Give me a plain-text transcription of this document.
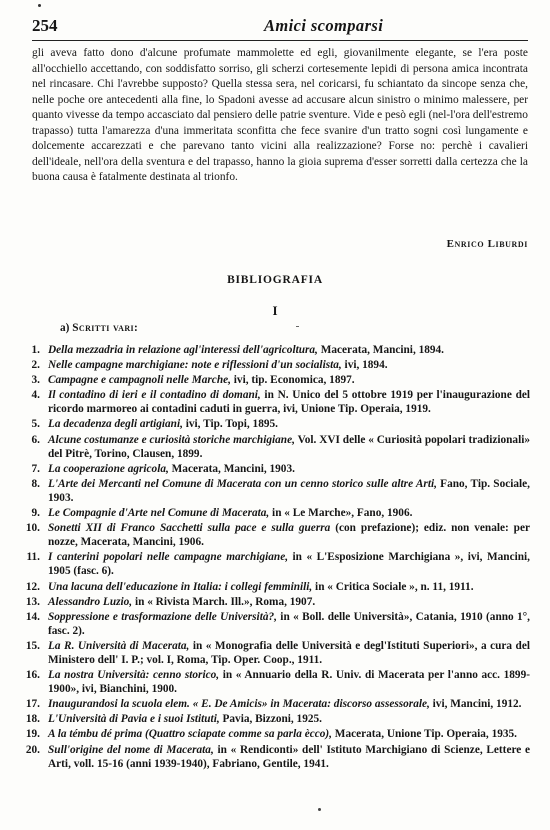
254	Amici scomparsi

gli aveva fatto dono d'alcune profumate mammolette ed egli, giovanilmente elegante, se l'era poste all'occhiello accettando, con soddisfatto sorriso, gli scherzi cortesemente lepidi di persona amica incontrata nel rincasare. Chi l'avrebbe supposto? Quella stessa sera, nel coricarsi, fu schiantato da sincope senza che, nelle poche ore antecedenti alla fine, lo Spadoni avesse ad accusare alcun sinistro o minimo malessere, per quanto vivesse da tempo accasciato dal pensiero delle patrie sventure. Vide e pesò egli (nel-l'ora dell'estremo trapasso) tutta l'amarezza d'una immeritata sconfitta che fece svanire d'un tratto sogni così lungamente e dolcemente accarezzati e che parevano tanto vicini alla realizzazione? Forse no: perchè i cavalieri dell'ideale, nell'ora della sventura e del trapasso, hanno la gioia suprema d'esser sorretti dalla certezza che la buona causa è fatalmente destinata al trionfo.

Enrico Liburdi
BIBLIOGRAFIA
I
a) Scritti vari:
1. Della mezzadria in relazione agl'interessi dell'agricoltura, Macerata, Mancini, 1894.
2. Nelle campagne marchigiane: note e riflessioni d'un socialista, ivi, 1894.
3. Campagne e campagnoli nelle Marche, ivi, tip. Economica, 1897.
4. Il contadino di ieri e il contadino di domani, in N. Unico del 5 ottobre 1919 per l'inaugurazione del ricordo marmoreo ai contadini caduti in guerra, ivi, Unione Tip. Operaia, 1919.
5. La decadenza degli artigiani, ivi, Tip. Topi, 1895.
6. Alcune costumanze e curiosità storiche marchigiane, Vol. XVI delle « Curiosità popolari tradizionali» del Pitrè, Torino, Clausen, 1899.
7. La cooperazione agricola, Macerata, Mancini, 1903.
8. L'Arte dei Mercanti nel Comune di Macerata con un cenno storico sulle altre Arti, Fano, Tip. Sociale, 1903.
9. Le Compagnie d'Arte nel Comune di Macerata, in « Le Marche», Fano, 1906.
10. Sonetti XII di Franco Sacchetti sulla pace e sulla guerra (con prefazione); ediz. non venale: per nozze, Macerata, Mancini, 1906.
11. I canterini popolari nelle campagne marchigiane, in « L'Esposizione Marchigiana », ivi, Mancini, 1905 (fasc. 6).
12. Una lacuna dell'educazione in Italia: i collegi femminili, in « Critica Sociale », n. 11, 1911.
13. Alessandro Luzio, in « Rivista March. Ill.», Roma, 1907.
14. Soppressione e trasformazione delle Università?, in « Boll. delle Università», Catania, 1910 (anno 1°, fasc. 2).
15. La R. Università di Macerata, in « Monografia delle Università e degl'Istituti Superiori», a cura del Ministero dell' I. P.; vol. I, Roma, Tip. Oper. Coop., 1911.
16. La nostra Università: cenno storico, in « Annuario della R. Univ. di Macerata per l'anno acc. 1899-1900», ivi, Bianchini, 1900.
17. Inaugurandosi la scuola elem. « E. De Amicis» in Macerata: discorso assessorale, ivi, Mancini, 1912.
18. L'Università di Pavia e i suoi Istituti, Pavia, Bizzoni, 1925.
19. A la témbu dé prima (Quattro sciapate comme sa parla ècco), Macerata, Unione Tip. Operaia, 1935.
20. Sull'origine del nome di Macerata, in « Rendiconti» dell' Istituto Marchigiano di Scienze, Lettere e Arti, voll. 15-16 (anni 1939-1940), Fabriano, Gentile, 1941.
